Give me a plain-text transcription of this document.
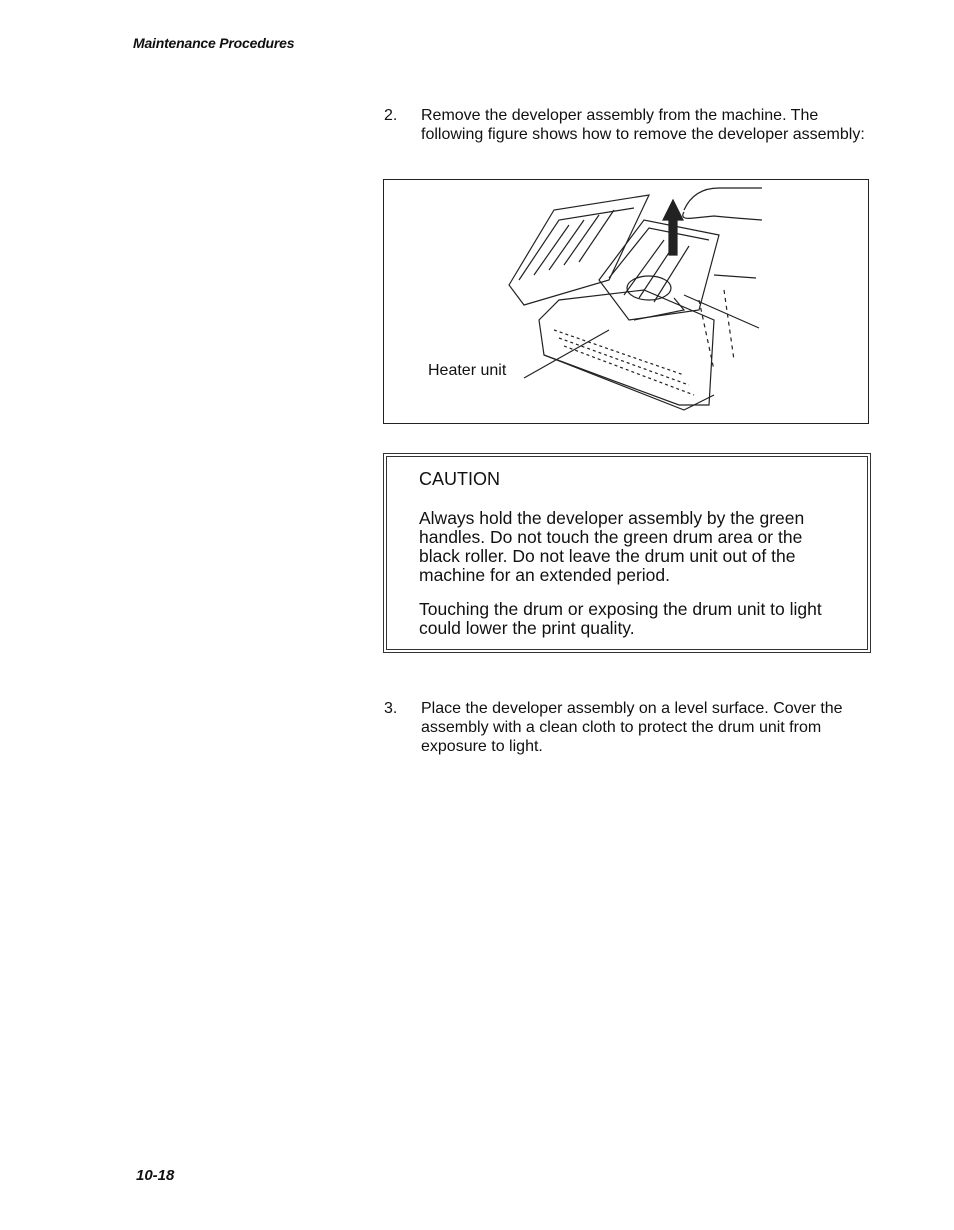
Maintenance Procedures
2. Remove the developer assembly from the machine. The following figure shows how to remove the developer assembly:
Heater unit

CAUTION

Always hold the developer assembly by the green handles. Do not touch the green drum area or the black roller. Do not leave the drum unit out of the machine for an extended period.

Touching the drum or exposing the drum unit to light could lower the print quality.

3. Place the developer assembly on a level surface. Cover the assembly with a clean cloth to protect the drum unit from exposure to light.
10-18
